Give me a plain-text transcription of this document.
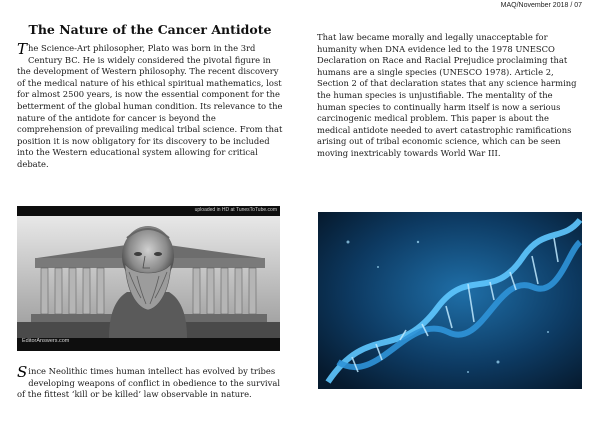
MAQ/November 2018 / 07
The Nature of the Cancer Antidote

The Science-Art philosopher, Plato was born in the 3rd Century BC. He is widely considered the pivotal figure in the development of Western philosophy. The recent discovery of the medical nature of his ethical spiritual mathematics, lost for almost 2500 years, is now the essential component for the betterment of the global human condition. Its relevance to the nature of the antidote for cancer is beyond the comprehension of prevailing medical tribal science. From that position it is now obligatory for its discovery to be included into the Western educational system allowing for critical debate.

uploaded in HD at TunesToTube.com
EditorAnswers.com

Since Neolithic times human intellect has evolved by tribes developing weapons of conflict in obedience to the survival of the fittest ‘kill or be killed’ law observable in nature.

That law became morally and legally unacceptable for humanity when DNA evidence led to the 1978 UNESCO Declaration on Race and Racial Prejudice proclaiming that humans are a single species (UNESCO 1978). Article 2, Section 2 of that declaration states that any science harming the human species is unjustifiable. The mentality of the human species to continually harm itself is now a serious carcinogenic medical problem. This paper is about the medical antidote needed to avert catastrophic ramifications arising out of tribal economic science, which can be seen moving inextricably towards World War III.
